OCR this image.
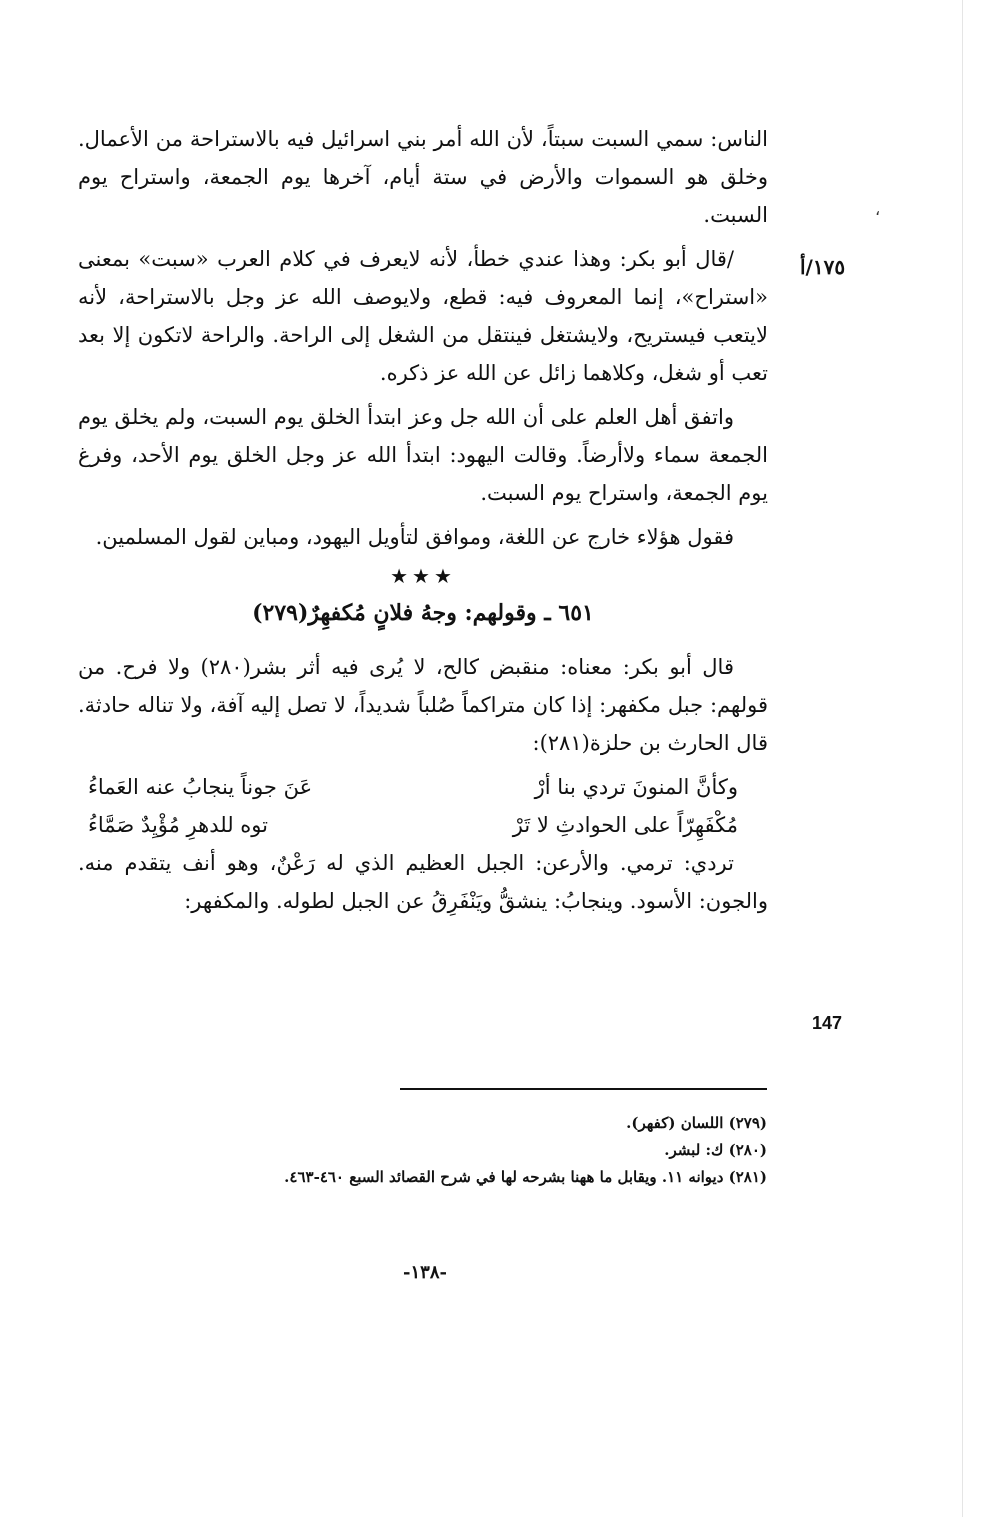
،
١٧٥/أ
147

الناس: سمي السبت سبتاً، لأن الله أمر بني اسرائيل فيه بالاستراحة من الأعمال. وخلق هو السموات والأرض في ستة أيام، آخرها يوم الجمعة، واستراح يوم السبت.

/قال أبو بكر: وهذا عندي خطأ، لأنه لايعرف في كلام العرب «سبت» بمعنى «استراح»، إنما المعروف فيه: قطع، ولايوصف الله عز وجل بالاستراحة، لأنه لايتعب فيستريح، ولايشتغل فينتقل من الشغل إلى الراحة. والراحة لاتكون إلا بعد تعب أو شغل، وكلاهما زائل عن الله عز ذكره.

واتفق أهل العلم على أن الله جل وعز ابتدأ الخلق يوم السبت، ولم يخلق يوم الجمعة سماء ولاأرضاً. وقالت اليهود: ابتدأ الله عز وجل الخلق يوم الأحد، وفرغ يوم الجمعة، واستراح يوم السبت.

فقول هؤلاء خارج عن اللغة، وموافق لتأويل اليهود، ومباين لقول المسلمين.

★★★
٦٥١ ـ وقولهم: وجهُ فلانٍ مُكفهِرٌ(٢٧٩)

قال أبو بكر: معناه: منقبض كالح، لا يُرى فيه أثر بشر(٢٨٠) ولا فرح. من قولهم: جبل مكفهر: إذا كان متراكماً صُلباً شديداً، لا تصل إليه آفة، ولا تناله حادثة. قال الحارث بن حلزة(٢٨١):

وكأنَّ المنونَ تردي بنا أرْ
عَنَ جوناً ينجابُ عنه العَماءُ
مُكْفَهِرّاً على الحوادثِ لا تَرْ
توه للدهرِ مُؤْيِدٌ صَمَّاءُ

تردي: ترمي. والأرعن: الجبل العظيم الذي له رَعْنٌ، وهو أنف يتقدم منه. والجون: الأسود. وينجابُ: ينشقُّ ويَنْفَرِقُ عن الجبل لطوله. والمكفهر:

(٢٧٩) اللسان (كفهر).
(٢٨٠) ك: لبشر.
(٢٨١) ديوانه ١١. ويقابل ما ههنا بشرحه لها في شرح القصائد السبع ٤٦٠-٤٦٣.
-١٣٨-
